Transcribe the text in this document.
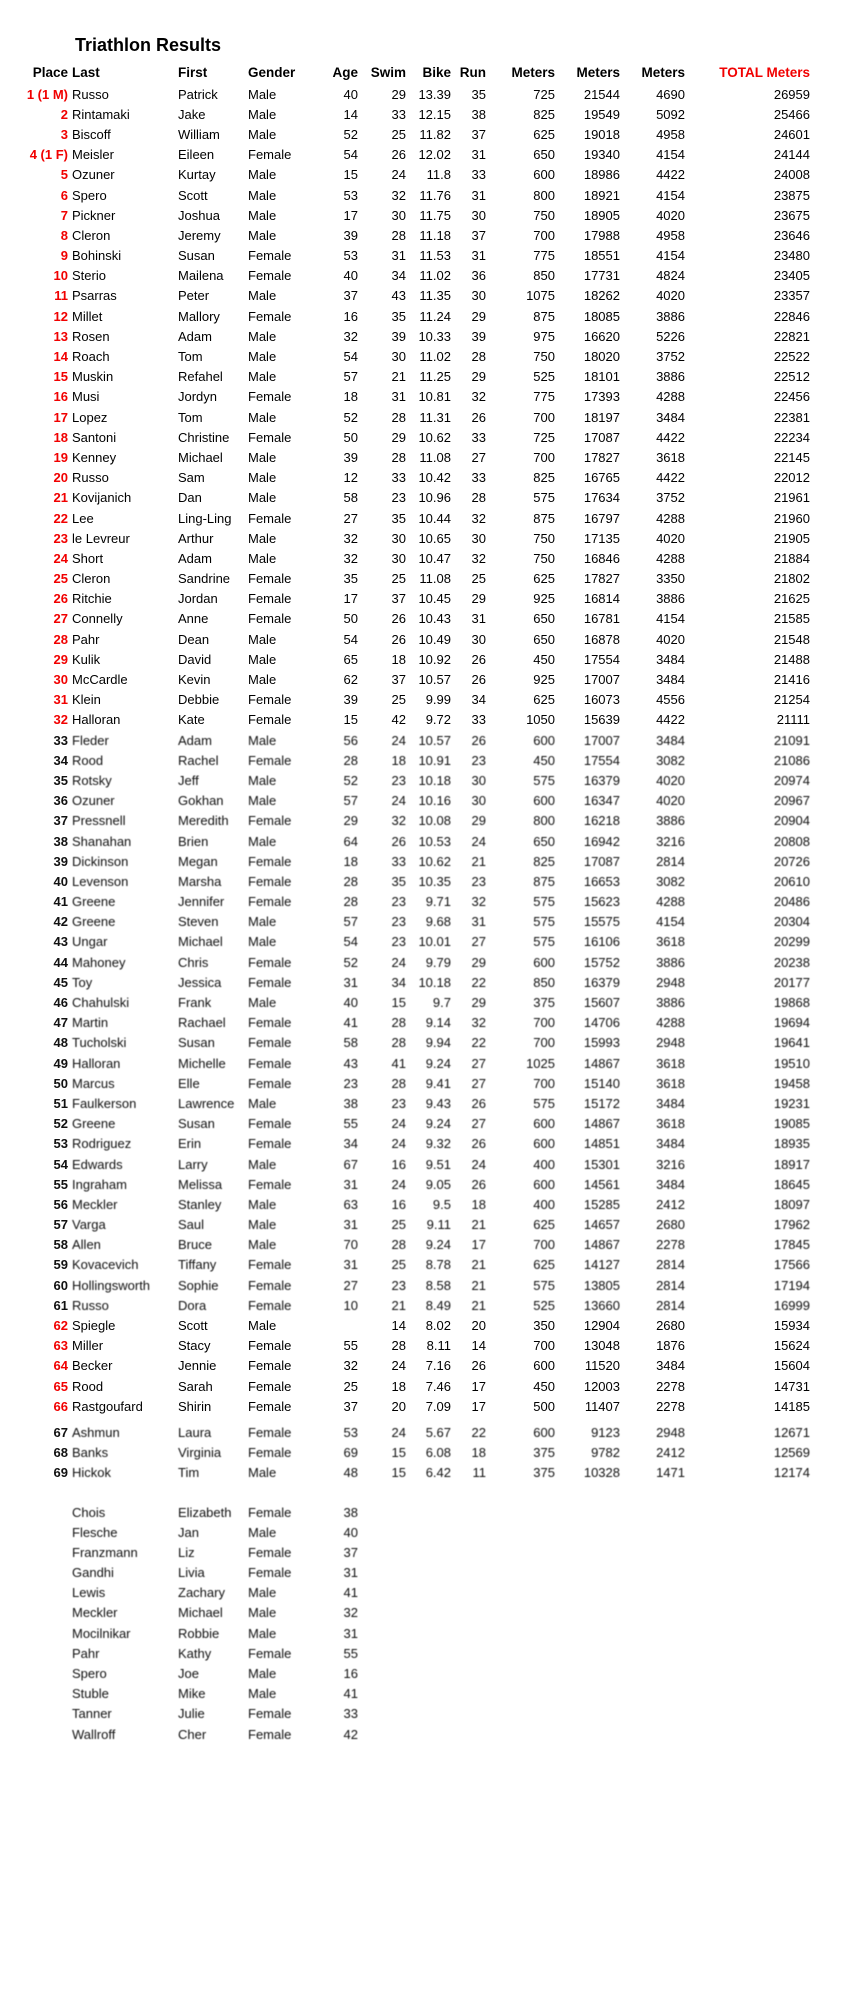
Triathlon Results
Place	Last	First	Gender	Age	Swim	Bike	Run	Meters	Meters	Meters	TOTAL Meters
1 (1 M)	Russo	Patrick	Male	40	29	13.39	35	725	21544	4690	26959
2	Rintamaki	Jake	Male	14	33	12.15	38	825	19549	5092	25466
3	Biscoff	William	Male	52	25	11.82	37	625	19018	4958	24601
4 (1 F)	Meisler	Eileen	Female	54	26	12.02	31	650	19340	4154	24144
5	Ozuner	Kurtay	Male	15	24	11.8	33	600	18986	4422	24008
6	Spero	Scott	Male	53	32	11.76	31	800	18921	4154	23875
7	Pickner	Joshua	Male	17	30	11.75	30	750	18905	4020	23675
8	Cleron	Jeremy	Male	39	28	11.18	37	700	17988	4958	23646
9	Bohinski	Susan	Female	53	31	11.53	31	775	18551	4154	23480
10	Sterio	Mailena	Female	40	34	11.02	36	850	17731	4824	23405
11	Psarras	Peter	Male	37	43	11.35	30	1075	18262	4020	23357
12	Millet	Mallory	Female	16	35	11.24	29	875	18085	3886	22846
13	Rosen	Adam	Male	32	39	10.33	39	975	16620	5226	22821
14	Roach	Tom	Male	54	30	11.02	28	750	18020	3752	22522
15	Muskin	Refahel	Male	57	21	11.25	29	525	18101	3886	22512
16	Musi	Jordyn	Female	18	31	10.81	32	775	17393	4288	22456
17	Lopez	Tom	Male	52	28	11.31	26	700	18197	3484	22381
18	Santoni	Christine	Female	50	29	10.62	33	725	17087	4422	22234
19	Kenney	Michael	Male	39	28	11.08	27	700	17827	3618	22145
20	Russo	Sam	Male	12	33	10.42	33	825	16765	4422	22012
21	Kovijanich	Dan	Male	58	23	10.96	28	575	17634	3752	21961
22	Lee	Ling-Ling	Female	27	35	10.44	32	875	16797	4288	21960
23	le Levreur	Arthur	Male	32	30	10.65	30	750	17135	4020	21905
24	Short	Adam	Male	32	30	10.47	32	750	16846	4288	21884
25	Cleron	Sandrine	Female	35	25	11.08	25	625	17827	3350	21802
26	Ritchie	Jordan	Female	17	37	10.45	29	925	16814	3886	21625
27	Connelly	Anne	Female	50	26	10.43	31	650	16781	4154	21585
28	Pahr	Dean	Male	54	26	10.49	30	650	16878	4020	21548
29	Kulik	David	Male	65	18	10.92	26	450	17554	3484	21488
30	McCardle	Kevin	Male	62	37	10.57	26	925	17007	3484	21416
31	Klein	Debbie	Female	39	25	9.99	34	625	16073	4556	21254
32	Halloran	Kate	Female	15	42	9.72	33	1050	15639	4422	21111
33	Fleder	Adam	Male	56	24	10.57	26	600	17007	3484	21091
34	Rood	Rachel	Female	28	18	10.91	23	450	17554	3082	21086
35	Rotsky	Jeff	Male	52	23	10.18	30	575	16379	4020	20974
36	Ozuner	Gokhan	Male	57	24	10.16	30	600	16347	4020	20967
37	Pressnell	Meredith	Female	29	32	10.08	29	800	16218	3886	20904
38	Shanahan	Brien	Male	64	26	10.53	24	650	16942	3216	20808
39	Dickinson	Megan	Female	18	33	10.62	21	825	17087	2814	20726
40	Levenson	Marsha	Female	28	35	10.35	23	875	16653	3082	20610
41	Greene	Jennifer	Female	28	23	9.71	32	575	15623	4288	20486
42	Greene	Steven	Male	57	23	9.68	31	575	15575	4154	20304
43	Ungar	Michael	Male	54	23	10.01	27	575	16106	3618	20299
44	Mahoney	Chris	Female	52	24	9.79	29	600	15752	3886	20238
45	Toy	Jessica	Female	31	34	10.18	22	850	16379	2948	20177
46	Chahulski	Frank	Male	40	15	9.7	29	375	15607	3886	19868
47	Martin	Rachael	Female	41	28	9.14	32	700	14706	4288	19694
48	Tucholski	Susan	Female	58	28	9.94	22	700	15993	2948	19641
49	Halloran	Michelle	Female	43	41	9.24	27	1025	14867	3618	19510
50	Marcus	Elle	Female	23	28	9.41	27	700	15140	3618	19458
51	Faulkerson	Lawrence	Male	38	23	9.43	26	575	15172	3484	19231
52	Greene	Susan	Female	55	24	9.24	27	600	14867	3618	19085
53	Rodriguez	Erin	Female	34	24	9.32	26	600	14851	3484	18935
54	Edwards	Larry	Male	67	16	9.51	24	400	15301	3216	18917
55	Ingraham	Melissa	Female	31	24	9.05	26	600	14561	3484	18645
56	Meckler	Stanley	Male	63	16	9.5	18	400	15285	2412	18097
57	Varga	Saul	Male	31	25	9.11	21	625	14657	2680	17962
58	Allen	Bruce	Male	70	28	9.24	17	700	14867	2278	17845
59	Kovacevich	Tiffany	Female	31	25	8.78	21	625	14127	2814	17566
60	Hollingsworth	Sophie	Female	27	23	8.58	21	575	13805	2814	17194
61	Russo	Dora	Female	10	21	8.49	21	525	13660	2814	16999
62	Spiegle	Scott	Male		14	8.02	20	350	12904	2680	15934
63	Miller	Stacy	Female	55	28	8.11	14	700	13048	1876	15624
64	Becker	Jennie	Female	32	24	7.16	26	600	11520	3484	15604
65	Rood	Sarah	Female	25	18	7.46	17	450	12003	2278	14731
66	Rastgoufard	Shirin	Female	37	20	7.09	17	500	11407	2278	14185

67	Ashmun	Laura	Female	53	24	5.67	22	600	9123	2948	12671
68	Banks	Virginia	Female	69	15	6.08	18	375	9782	2412	12569
69	Hickok	Tim	Male	48	15	6.42	11	375	10328	1471	12174

	Chois	Elizabeth	Female	38							
	Flesche	Jan	Male	40							
	Franzmann	Liz	Female	37							
	Gandhi	Livia	Female	31							
	Lewis	Zachary	Male	41							
	Meckler	Michael	Male	32							
	Mocilnikar	Robbie	Male	31							
	Pahr	Kathy	Female	55							
	Spero	Joe	Male	16							
	Stuble	Mike	Male	41							
	Tanner	Julie	Female	33							
	Wallroff	Cher	Female	42							
